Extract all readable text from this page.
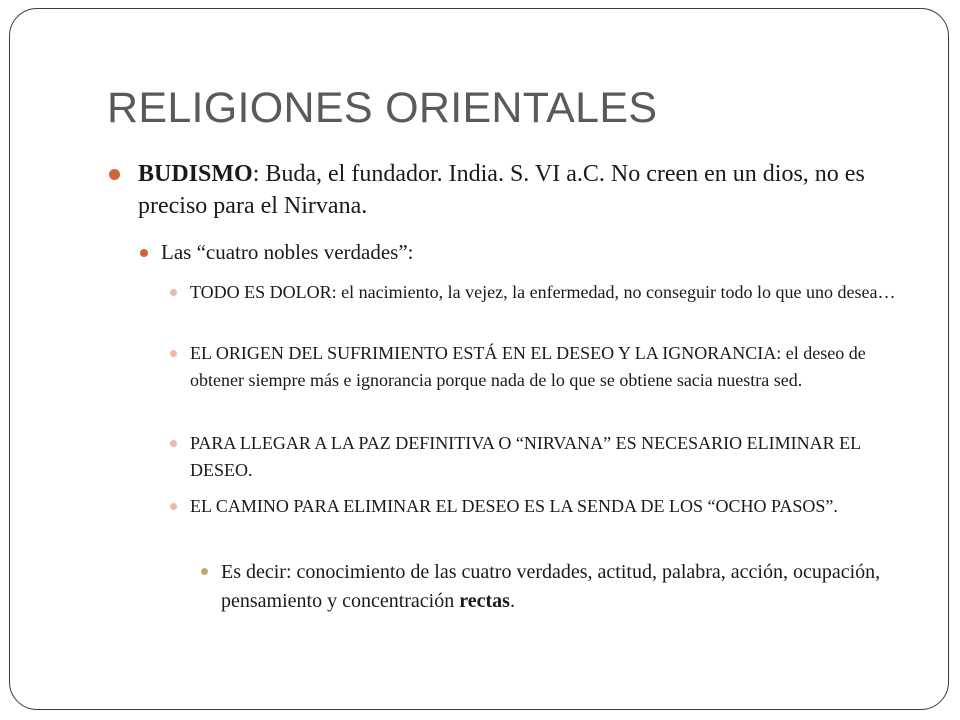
RELIGIONES ORIENTALES
BUDISMO: Buda, el fundador. India. S. VI a.C. No creen en un dios, no es preciso para el Nirvana.
Las “cuatro nobles verdades”:
TODO ES DOLOR: el nacimiento, la vejez, la enfermedad, no conseguir todo lo que uno desea…
EL ORIGEN DEL SUFRIMIENTO ESTÁ EN EL DESEO Y LA IGNORANCIA: el deseo de obtener siempre más e ignorancia porque nada de lo que se obtiene sacia nuestra sed.
PARA LLEGAR A LA PAZ DEFINITIVA O “NIRVANA” ES NECESARIO ELIMINAR EL DESEO.
EL CAMINO PARA ELIMINAR EL DESEO ES LA SENDA DE LOS “OCHO PASOS”.
Es decir: conocimiento de las cuatro verdades, actitud, palabra, acción, ocupación, pensamiento y concentración rectas.
